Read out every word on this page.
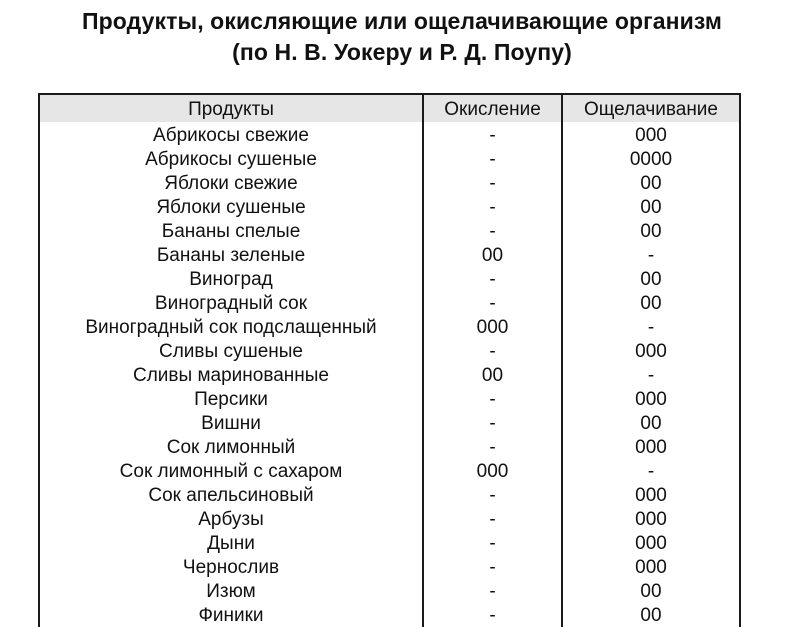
Продукты, окисляющие или ощелачивающие организм
(по Н. В. Уокеру и Р. Д. Поупу)
Продукты	Окисление	Ощелачивание
Абрикосы свежие	-	000
Абрикосы сушеные	-	0000
Яблоки свежие	-	00
Яблоки сушеные	-	00
Бананы спелые	-	00
Бананы зеленые	00	-
Виноград	-	00
Виноградный сок	-	00
Виноградный сок подслащенный	000	-
Сливы сушеные	-	000
Сливы маринованные	00	-
Персики	-	000
Вишни	-	00
Сок лимонный	-	000
Сок лимонный с сахаром	000	-
Сок апельсиновый	-	000
Арбузы	-	000
Дыни	-	000
Чернослив	-	000
Изюм	-	00
Финики	-	00
